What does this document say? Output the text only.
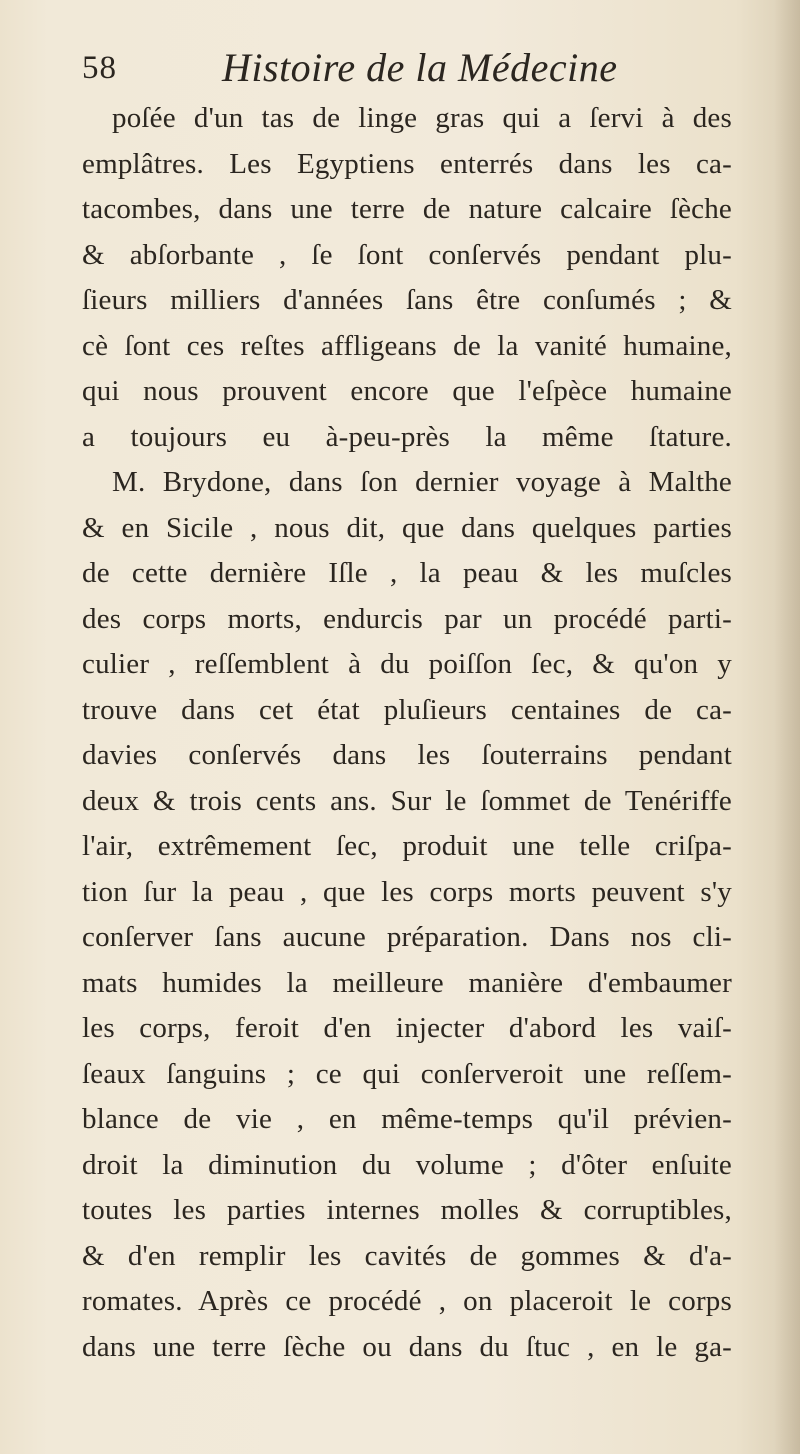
58	Histoire de la Médecine
poſée d'un tas de linge gras qui a ſervi à des
emplâtres. Les Egyptiens enterrés dans les ca-
tacombes, dans une terre de nature calcaire ſèche
& abſorbante , ſe ſont conſervés pendant plu-
ſieurs milliers d'années ſans être conſumés ; &
cè ſont ces reſtes affligeans de la vanité humaine,
qui nous prouvent encore que l'eſpèce humaine
a toujours eu à-peu-près la même ſtature.
M. Brydone, dans ſon dernier voyage à Malthe
& en Sicile , nous dit, que dans quelques parties
de cette dernière Iſle , la peau & les muſcles
des corps morts, endurcis par un procédé parti-
culier , reſſemblent à du poiſſon ſec, & qu'on y
trouve dans cet état pluſieurs centaines de ca-
davies conſervés dans les ſouterrains pendant
deux & trois cents ans. Sur le ſommet de Tenériffe
l'air, extrêmement ſec, produit une telle criſpa-
tion ſur la peau , que les corps morts peuvent s'y
conſerver ſans aucune préparation. Dans nos cli-
mats humides la meilleure manière d'embaumer
les corps, feroit d'en injecter d'abord les vaiſ-
ſeaux ſanguins ; ce qui conſerveroit une reſſem-
blance de vie , en même-temps qu'il prévien-
droit la diminution du volume ; d'ôter enſuite
toutes les parties internes molles & corruptibles,
& d'en remplir les cavités de gommes & d'a-
romates. Après ce procédé , on placeroit le corps
dans une terre ſèche ou dans du ſtuc , en le ga-
